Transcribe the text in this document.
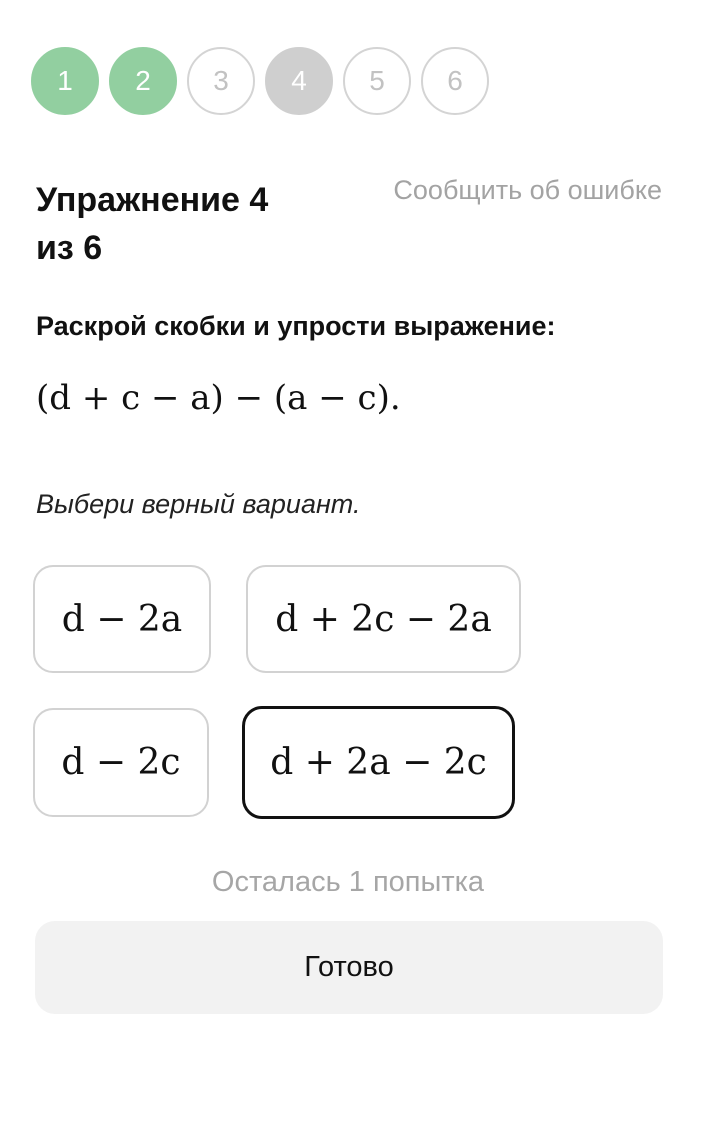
1	2	3	4	5	6
Упражнение 4 из 6
Сообщить об ошибке
Раскрой скобки и упрости выражение:
(d + c − a) − (a − c).
Выбери верный вариант.
d − 2a	d + 2c − 2a
d − 2c	d + 2a − 2c
Осталась 1 попытка
Готово
